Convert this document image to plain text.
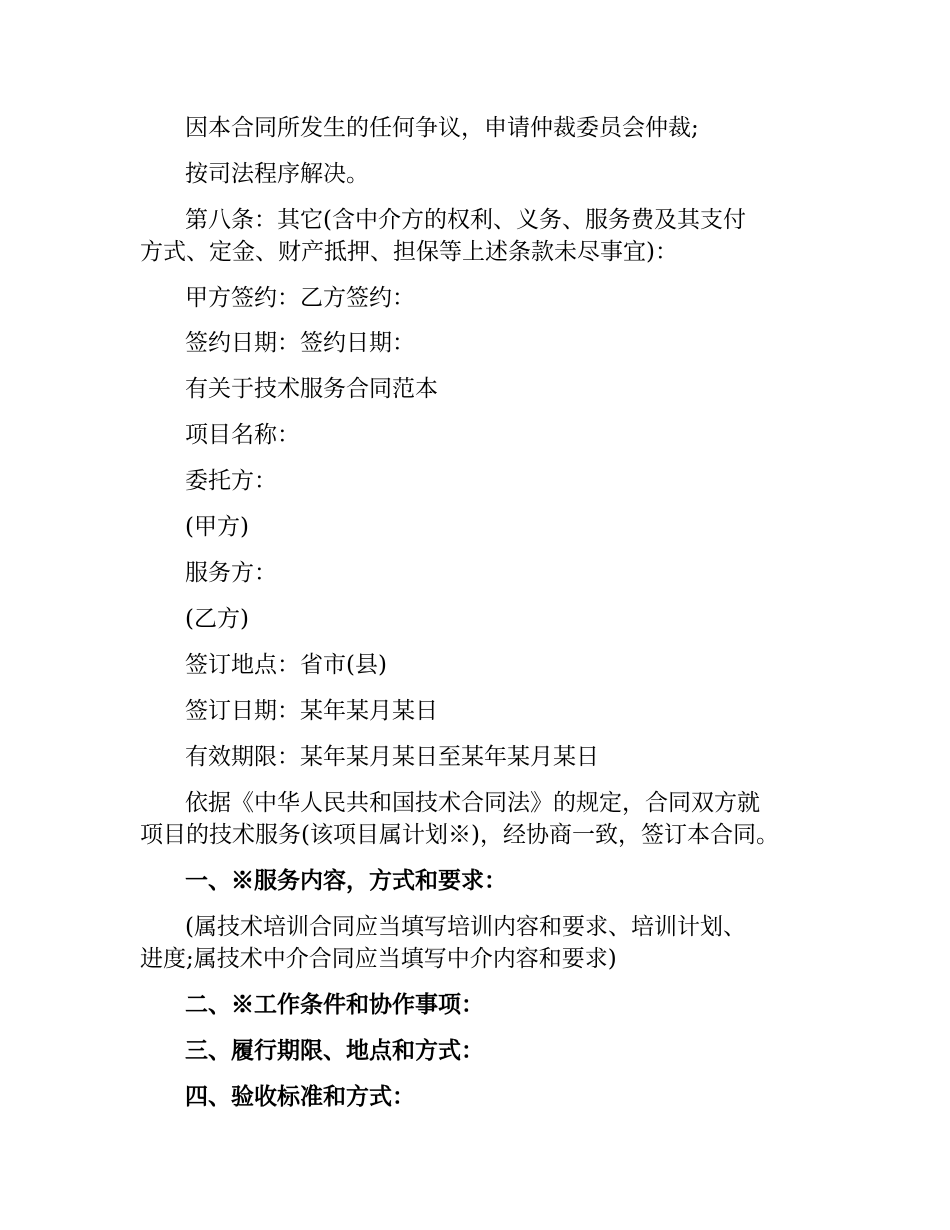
因本合同所发生的任何争议，申请仲裁委员会仲裁;

按司法程序解决。

第八条：其它(含中介方的权利、义务、服务费及其支付

方式、定金、财产抵押、担保等上述条款未尽事宜)：

甲方签约：乙方签约：

签约日期：签约日期：

有关于技术服务合同范本

项目名称：

委托方：

(甲方)

服务方：

(乙方)

签订地点：省市(县)

签订日期：某年某月某日

有效期限：某年某月某日至某年某月某日

依据《中华人民共和国技术合同法》的规定，合同双方就

项目的技术服务(该项目属计划※)，经协商一致，签订本合同。

一、※服务内容，方式和要求：

(属技术培训合同应当填写培训内容和要求、培训计划、

进度;属技术中介合同应当填写中介内容和要求)

二、※工作条件和协作事项：

三、履行期限、地点和方式：

四、验收标准和方式：
